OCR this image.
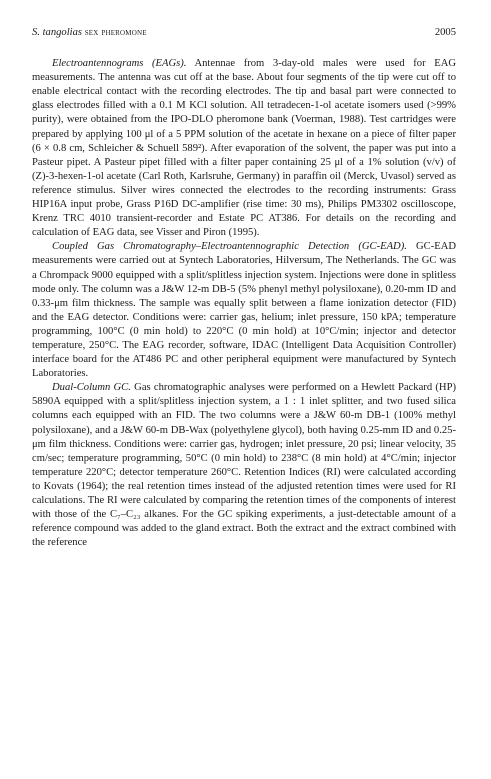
S. tangolias sex pheromone	2005

Electroantennograms (EAGs). Antennae from 3-day-old males were used for EAG measurements. The antenna was cut off at the base. About four segments of the tip were cut off to enable electrical contact with the recording electrodes. The tip and basal part were connected to glass electrodes filled with a 0.1 M KCl solution. All tetradecen-1-ol acetate isomers used (>99% purity), were obtained from the IPO-DLO pheromone bank (Voerman, 1988). Test cartridges were prepared by applying 100 μl of a 5 PPM solution of the acetate in hexane on a piece of filter paper (6 × 0.8 cm, Schleicher & Schuell 589²). After evaporation of the solvent, the paper was put into a Pasteur pipet. A Pasteur pipet filled with a filter paper containing 25 μl of a 1% solution (v/v) of (Z)-3-hexen-1-ol acetate (Carl Roth, Karlsruhe, Germany) in paraffin oil (Merck, Uvasol) served as reference stimulus. Silver wires connected the electrodes to the recording instruments: Grass HIP16A input probe, Grass P16D DC-amplifier (rise time: 30 ms), Philips PM3302 oscilloscope, Krenz TRC 4010 transient-recorder and Estate PC AT386. For details on the recording and calculation of EAG data, see Visser and Piron (1995).

Coupled Gas Chromatography–Electroantennographic Detection (GC-EAD). GC-EAD measurements were carried out at Syntech Laboratories, Hilversum, The Netherlands. The GC was a Chrompack 9000 equipped with a split/splitless injection system. Injections were done in splitless mode only. The column was a J&W 12-m DB-5 (5% phenyl methyl polysiloxane), 0.20-mm ID and 0.33-μm film thickness. The sample was equally split between a flame ionization detector (FID) and the EAG detector. Conditions were: carrier gas, helium; inlet pressure, 150 kPA; temperature programming, 100°C (0 min hold) to 220°C (0 min hold) at 10°C/min; injector and detector temperature, 250°C. The EAG recorder, software, IDAC (Intelligent Data Acquisition Controller) interface board for the AT486 PC and other peripheral equipment were manufactured by Syntech Laboratories.

Dual-Column GC. Gas chromatographic analyses were performed on a Hewlett Packard (HP) 5890A equipped with a split/splitless injection system, a 1 : 1 inlet splitter, and two fused silica columns each equipped with an FID. The two columns were a J&W 60-m DB-1 (100% methyl polysiloxane), and a J&W 60-m DB-Wax (polyethylene glycol), both having 0.25-mm ID and 0.25-μm film thickness. Conditions were: carrier gas, hydrogen; inlet pressure, 20 psi; linear velocity, 35 cm/sec; temperature programming, 50°C (0 min hold) to 238°C (8 min hold) at 4°C/min; injector temperature 220°C; detector temperature 260°C. Retention Indices (RI) were calculated according to Kovats (1964); the real retention times instead of the adjusted retention times were used for RI calculations. The RI were calculated by comparing the retention times of the components of interest with those of the C₇–C₂₃ alkanes. For the GC spiking experiments, a just-detectable amount of a reference compound was added to the gland extract. Both the extract and the extract combined with the reference
